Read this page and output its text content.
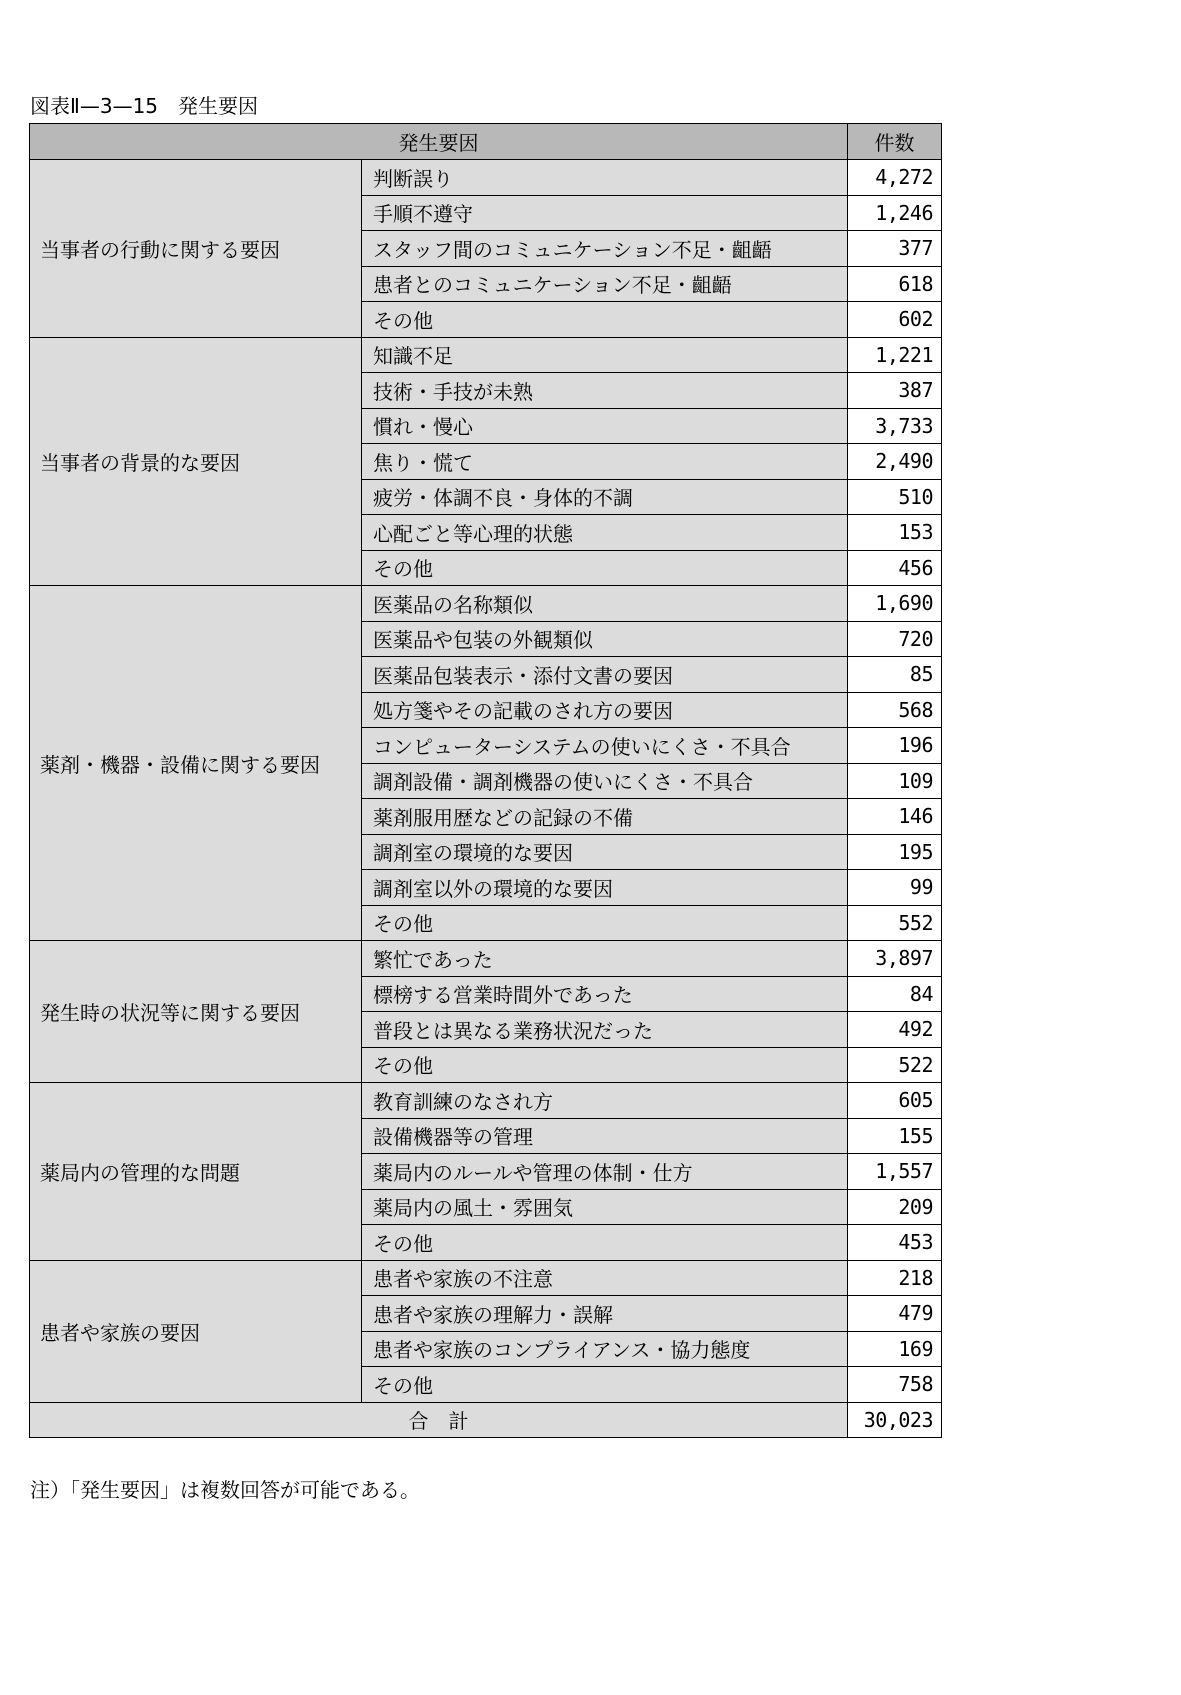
図表Ⅱ—3—15　発生要因
発生要因		件数
当事者の行動に関する要因	判断誤り	4,272
	手順不遵守	1,246
	スタッフ間のコミュニケーション不足・齟齬	377
	患者とのコミュニケーション不足・齟齬	618
	その他	602
当事者の背景的な要因	知識不足	1,221
	技術・手技が未熟	387
	慣れ・慢心	3,733
	焦り・慌て	2,490
	疲労・体調不良・身体的不調	510
	心配ごと等心理的状態	153
	その他	456
薬剤・機器・設備に関する要因	医薬品の名称類似	1,690
	医薬品や包装の外観類似	720
	医薬品包装表示・添付文書の要因	85
	処方箋やその記載のされ方の要因	568
	コンピューターシステムの使いにくさ・不具合	196
	調剤設備・調剤機器の使いにくさ・不具合	109
	薬剤服用歴などの記録の不備	146
	調剤室の環境的な要因	195
	調剤室以外の環境的な要因	99
	その他	552
発生時の状況等に関する要因	繁忙であった	3,897
	標榜する営業時間外であった	84
	普段とは異なる業務状況だった	492
	その他	522
薬局内の管理的な問題	教育訓練のなされ方	605
	設備機器等の管理	155
	薬局内のルールや管理の体制・仕方	1,557
	薬局内の風土・雰囲気	209
	その他	453
患者や家族の要因	患者や家族の不注意	218
	患者や家族の理解力・誤解	479
	患者や家族のコンプライアンス・協力態度	169
	その他	758
合　計		30,023
注）「発生要因」は複数回答が可能である。
